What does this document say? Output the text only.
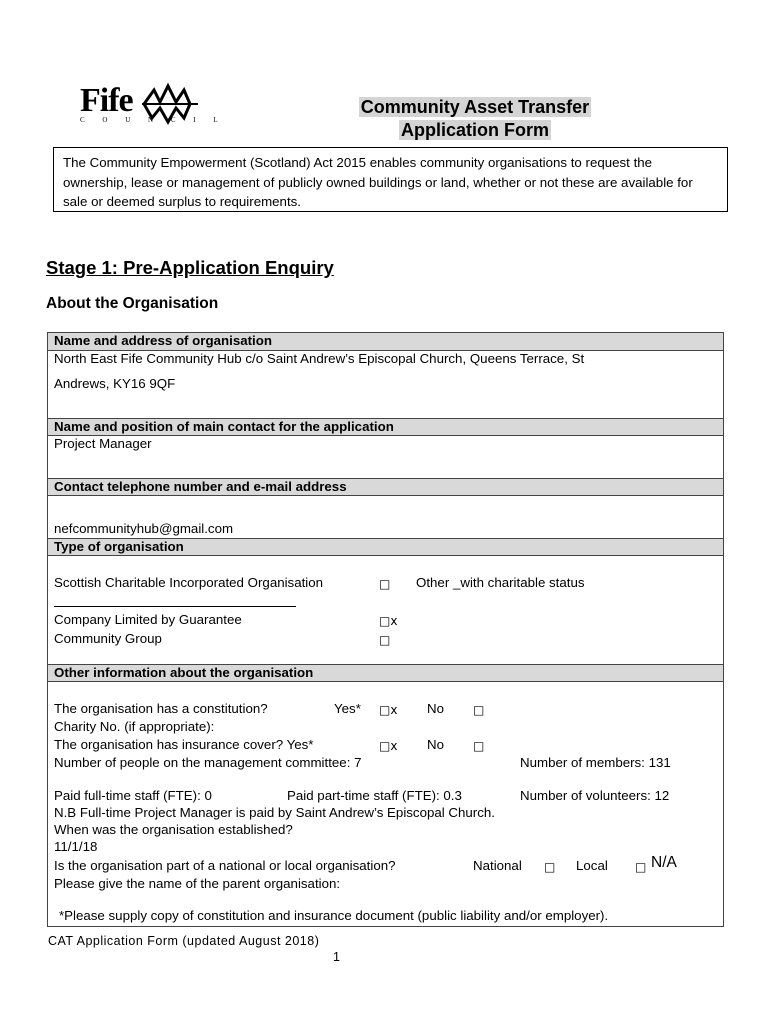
Fife
C O U N C I L
Community Asset Transfer
Application Form
The Community Empowerment (Scotland) Act 2015 enables community organisations to request the ownership, lease or management of publicly owned buildings or land, whether or not these are available for sale or deemed surplus to requirements.
Stage 1: Pre-Application Enquiry
About the Organisation
Name and address of organisation
North East Fife Community Hub c/o Saint Andrew’s Episcopal Church, Queens Terrace, St
Andrews, KY16 9QF
Name and position of main contact for the application
Project Manager
Contact telephone number and e-mail address
nefcommunityhub@gmail.com
Type of organisation
Scottish Charitable Incorporated Organisation	□ Other _with charitable status
Company Limited by Guarantee	□x
Community Group	□
Other information about the organisation
The organisation has a constitution?	Yes* □x No □
Charity No. (if appropriate):
The organisation has insurance cover? Yes*	□x No □
Number of people on the management committee: 7	Number of members: 131
Paid full-time staff (FTE): 0	Paid part-time staff (FTE): 0.3	Number of volunteers: 12
N.B Full-time Project Manager is paid by Saint Andrew’s Episcopal Church.
When was the organisation established?
11/1/18
Is the organisation part of a national or local organisation?	National □ Local □ N/A
Please give the name of the parent organisation:
*Please supply copy of constitution and insurance document (public liability and/or employer).
CAT Application Form (updated August 2018)
1
